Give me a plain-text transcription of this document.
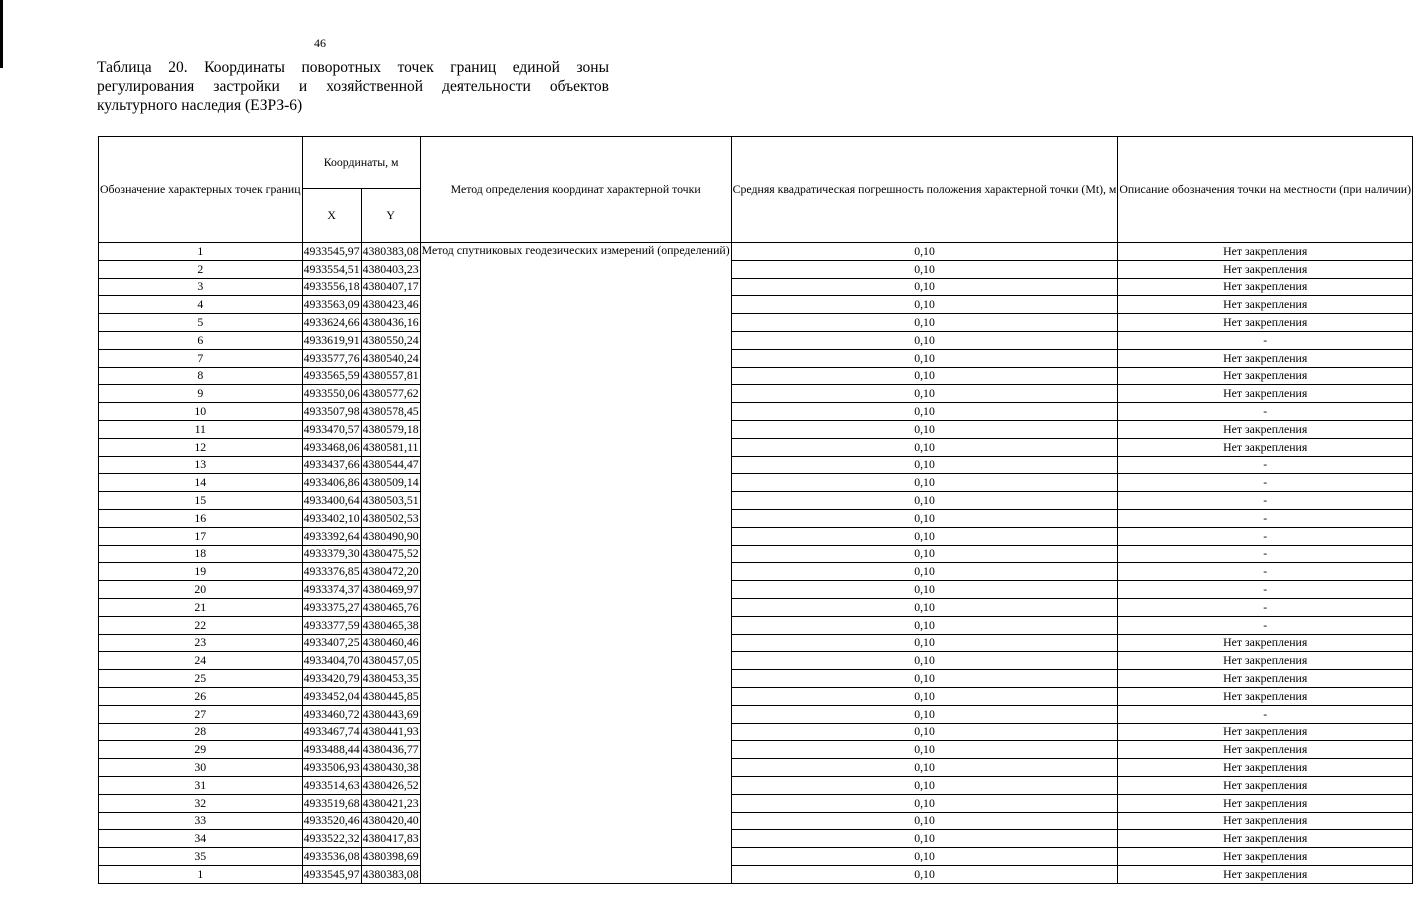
46
Таблица 20. Координаты поворотных точек границ единой зоны регулирования застройки и хозяйственной деятельности объектов культурного наследия (ЕЗРЗ-6)
Обозначение характерных точек границ	Координаты, м		Метод определения координат характерной точки	Средняя квадратическая погрешность положения характерной точки (Mt), м	Описание обозначения точки на местности (при наличии)
	X	Y			
1	4933545,97	4380383,08	Метод спутниковых геодезических измерений (определений)	0,10	Нет закрепления
2	4933554,51	4380403,23		0,10	Нет закрепления
3	4933556,18	4380407,17		0,10	Нет закрепления
4	4933563,09	4380423,46		0,10	Нет закрепления
5	4933624,66	4380436,16		0,10	Нет закрепления
6	4933619,91	4380550,24		0,10	-
7	4933577,76	4380540,24		0,10	Нет закрепления
8	4933565,59	4380557,81		0,10	Нет закрепления
9	4933550,06	4380577,62		0,10	Нет закрепления
10	4933507,98	4380578,45		0,10	-
11	4933470,57	4380579,18		0,10	Нет закрепления
12	4933468,06	4380581,11		0,10	Нет закрепления
13	4933437,66	4380544,47		0,10	-
14	4933406,86	4380509,14		0,10	-
15	4933400,64	4380503,51		0,10	-
16	4933402,10	4380502,53		0,10	-
17	4933392,64	4380490,90		0,10	-
18	4933379,30	4380475,52		0,10	-
19	4933376,85	4380472,20		0,10	-
20	4933374,37	4380469,97		0,10	-
21	4933375,27	4380465,76		0,10	-
22	4933377,59	4380465,38		0,10	-
23	4933407,25	4380460,46		0,10	Нет закрепления
24	4933404,70	4380457,05		0,10	Нет закрепления
25	4933420,79	4380453,35		0,10	Нет закрепления
26	4933452,04	4380445,85		0,10	Нет закрепления
27	4933460,72	4380443,69		0,10	-
28	4933467,74	4380441,93		0,10	Нет закрепления
29	4933488,44	4380436,77		0,10	Нет закрепления
30	4933506,93	4380430,38		0,10	Нет закрепления
31	4933514,63	4380426,52		0,10	Нет закрепления
32	4933519,68	4380421,23		0,10	Нет закрепления
33	4933520,46	4380420,40		0,10	Нет закрепления
34	4933522,32	4380417,83		0,10	Нет закрепления
35	4933536,08	4380398,69		0,10	Нет закрепления
1	4933545,97	4380383,08		0,10	Нет закрепления
